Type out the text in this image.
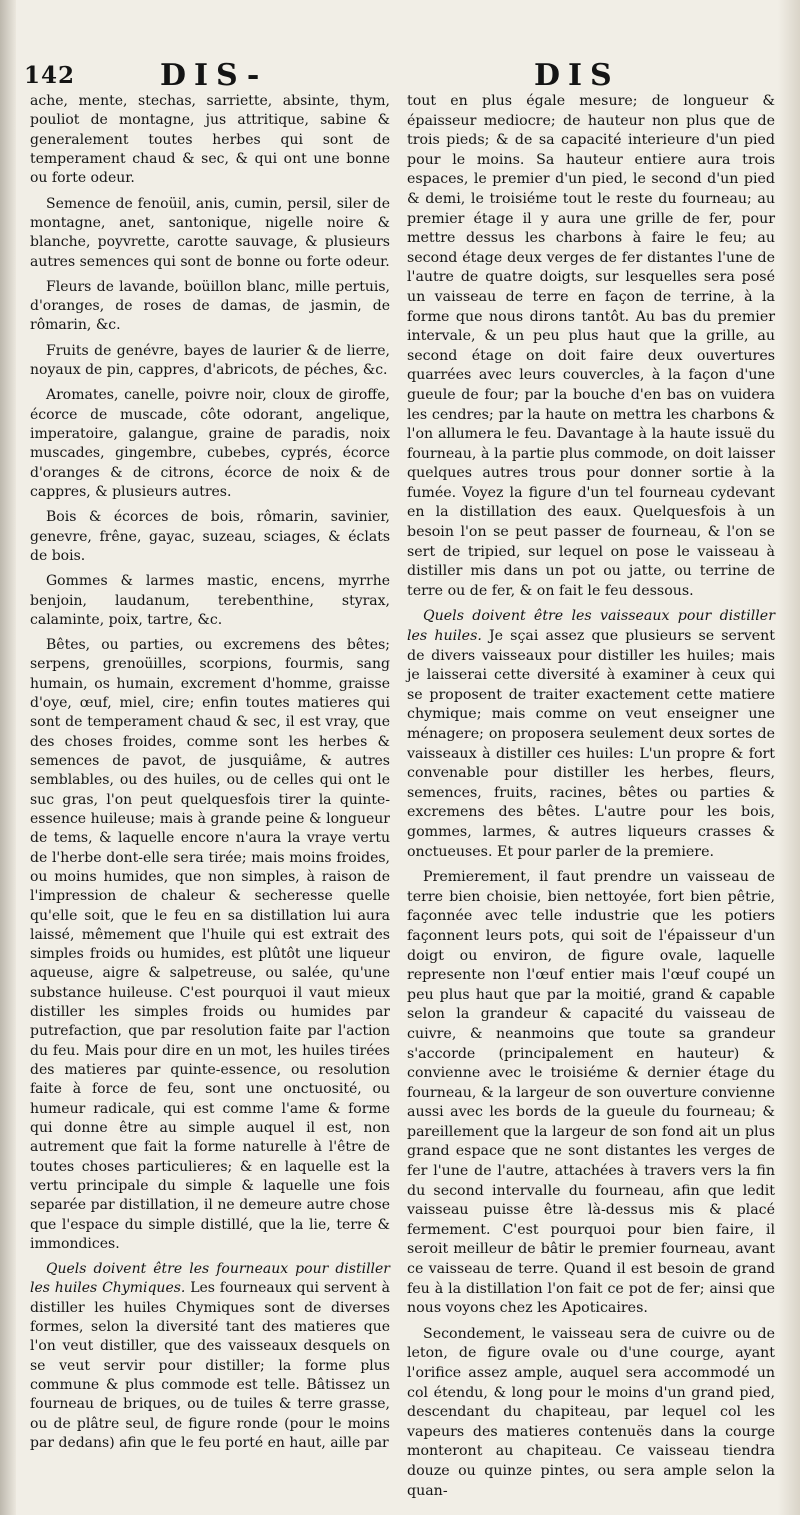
142	DIS-	DIS

ache, mente, stechas, sarriette, absinte, thym, pouliot de montagne, jus attritique, sabine & generalement toutes herbes qui sont de temperament chaud & sec, & qui ont une bonne ou forte odeur.

Semence de fenoüil, anis, cumin, persil, siler de montagne, anet, santonique, nigelle noire & blanche, poyvrette, carotte sauvage, & plusieurs autres semences qui sont de bonne ou forte odeur.

Fleurs de lavande, boüillon blanc, mille pertuis, d'oranges, de roses de damas, de jasmin, de rômarin, &c.

Fruits de genévre, bayes de laurier & de lierre, noyaux de pin, cappres, d'abricots, de péches, &c.

Aromates, canelle, poivre noir, cloux de giroffe, écorce de muscade, côte odorant, angelique, imperatoire, galangue, graine de paradis, noix muscades, gingembre, cubebes, cyprés, écorce d'oranges & de citrons, écorce de noix & de cappres, & plusieurs autres.

Bois & écorces de bois, rômarin, savinier, genevre, frêne, gayac, suzeau, sciages, & éclats de bois.

Gommes & larmes mastic, encens, myrrhe benjoin, laudanum, terebenthine, styrax, calaminte, poix, tartre, &c.

Bêtes, ou parties, ou excremens des bêtes; serpens, grenoüilles, scorpions, fourmis, sang humain, os humain, excrement d'homme, graisse d'oye, œuf, miel, cire; enfin toutes matieres qui sont de temperament chaud & sec, il est vray, que des choses froides, comme sont les herbes & semences de pavot, de jusquiâme, & autres semblables, ou des huiles, ou de celles qui ont le suc gras, l'on peut quelquesfois tirer la quinte-essence huileuse; mais à grande peine & longueur de tems, & laquelle encore n'aura la vraye vertu de l'herbe dont-elle sera tirée; mais moins froides, ou moins humides, que non simples, à raison de l'impression de chaleur & secheresse quelle qu'elle soit, que le feu en sa distillation lui aura laissé, mêmement que l'huile qui est extrait des simples froids ou humides, est plûtôt une liqueur aqueuse, aigre & salpetreuse, ou salée, qu'une substance huileuse. C'est pourquoi il vaut mieux distiller les simples froids ou humides par putrefaction, que par resolution faite par l'action du feu. Mais pour dire en un mot, les huiles tirées des matieres par quinte-essence, ou resolution faite à force de feu, sont une onctuosité, ou humeur radicale, qui est comme l'ame & forme qui donne être au simple auquel il est, non autrement que fait la forme naturelle à l'être de toutes choses particulieres; & en laquelle est la vertu principale du simple & laquelle une fois separée par distillation, il ne demeure autre chose que l'espace du simple distillé, que la lie, terre & immondices.

Quels doivent être les fourneaux pour distiller les huiles Chymiques. Les fourneaux qui servent à distiller les huiles Chymiques sont de diverses formes, selon la diversité tant des matieres que l'on veut distiller, que des vaisseaux desquels on se veut servir pour distiller; la forme plus commune & plus commode est telle. Bâtissez un fourneau de briques, ou de tuiles & terre grasse, ou de plâtre seul, de figure ronde (pour le moins par dedans) afin que le feu porté en haut, aille par

tout en plus égale mesure; de longueur & épaisseur mediocre; de hauteur non plus que de trois pieds; & de sa capacité interieure d'un pied pour le moins. Sa hauteur entiere aura trois espaces, le premier d'un pied, le second d'un pied & demi, le troisiéme tout le reste du fourneau; au premier étage il y aura une grille de fer, pour mettre dessus les charbons à faire le feu; au second étage deux verges de fer distantes l'une de l'autre de quatre doigts, sur lesquelles sera posé un vaisseau de terre en façon de terrine, à la forme que nous dirons tantôt. Au bas du premier intervale, & un peu plus haut que la grille, au second étage on doit faire deux ouvertures quarrées avec leurs couvercles, à la façon d'une gueule de four; par la bouche d'en bas on vuidera les cendres; par la haute on mettra les charbons & l'on allumera le feu. Davantage à la haute issuë du fourneau, à la partie plus commode, on doit laisser quelques autres trous pour donner sortie à la fumée. Voyez la figure d'un tel fourneau cydevant en la distillation des eaux. Quelquesfois à un besoin l'on se peut passer de fourneau, & l'on se sert de tripied, sur lequel on pose le vaisseau à distiller mis dans un pot ou jatte, ou terrine de terre ou de fer, & on fait le feu dessous.

Quels doivent être les vaisseaux pour distiller les huiles. Je sçai assez que plusieurs se servent de divers vaisseaux pour distiller les huiles; mais je laisserai cette diversité à examiner à ceux qui se proposent de traiter exactement cette matiere chymique; mais comme on veut enseigner une ménagere; on proposera seulement deux sortes de vaisseaux à distiller ces huiles: L'un propre & fort convenable pour distiller les herbes, fleurs, semences, fruits, racines, bêtes ou parties & excremens des bêtes. L'autre pour les bois, gommes, larmes, & autres liqueurs crasses & onctueuses. Et pour parler de la premiere.

Premierement, il faut prendre un vaisseau de terre bien choisie, bien nettoyée, fort bien pêtrie, façonnée avec telle industrie que les potiers façonnent leurs pots, qui soit de l'épaisseur d'un doigt ou environ, de figure ovale, laquelle represente non l'œuf entier mais l'œuf coupé un peu plus haut que par la moitié, grand & capable selon la grandeur & capacité du vaisseau de cuivre, & neanmoins que toute sa grandeur s'accorde (principalement en hauteur) & convienne avec le troisiéme & dernier étage du fourneau, & la largeur de son ouverture convienne aussi avec les bords de la gueule du fourneau; & pareillement que la largeur de son fond ait un plus grand espace que ne sont distantes les verges de fer l'une de l'autre, attachées à travers vers la fin du second intervalle du fourneau, afin que ledit vaisseau puisse être là-dessus mis & placé fermement. C'est pourquoi pour bien faire, il seroit meilleur de bâtir le premier fourneau, avant ce vaisseau de terre. Quand il est besoin de grand feu à la distillation l'on fait ce pot de fer; ainsi que nous voyons chez les Apoticaires.

Secondement, le vaisseau sera de cuivre ou de leton, de figure ovale ou d'une courge, ayant l'orifice assez ample, auquel sera accommodé un col étendu, & long pour le moins d'un grand pied, descendant du chapiteau, par lequel col les vapeurs des matieres contenuës dans la courge monteront au chapiteau. Ce vaisseau tiendra douze ou quinze pintes, ou sera ample selon la quan-
